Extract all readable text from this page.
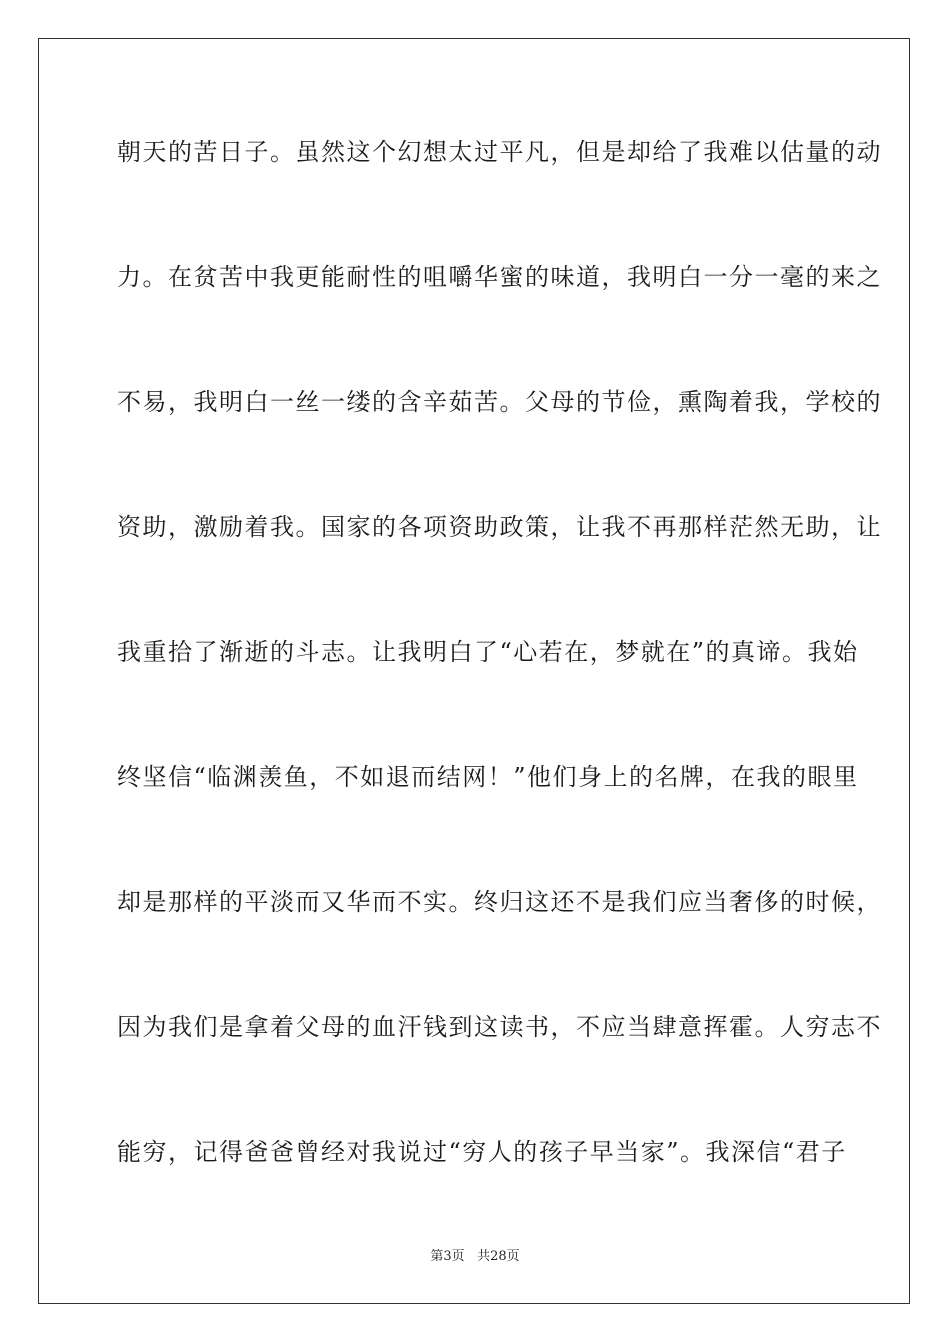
朝天的苦日子。虽然这个幻想太过平凡，但是却给了我难以估量的动
力。在贫苦中我更能耐性的咀嚼华蜜的味道，我明白一分一毫的来之
不易，我明白一丝一缕的含辛茹苦。父母的节俭，熏陶着我，学校的
资助，激励着我。国家的各项资助政策，让我不再那样茫然无助，让
我重拾了渐逝的斗志。让我明白了“心若在，梦就在”的真谛。我始
终坚信“临渊羡鱼，不如退而结网！”他们身上的名牌，在我的眼里
却是那样的平淡而又华而不实。终归这还不是我们应当奢侈的时候，
因为我们是拿着父母的血汗钱到这读书，不应当肆意挥霍。人穷志不
能穷，记得爸爸曾经对我说过“穷人的孩子早当家”。我深信“君子
第3页 共28页
